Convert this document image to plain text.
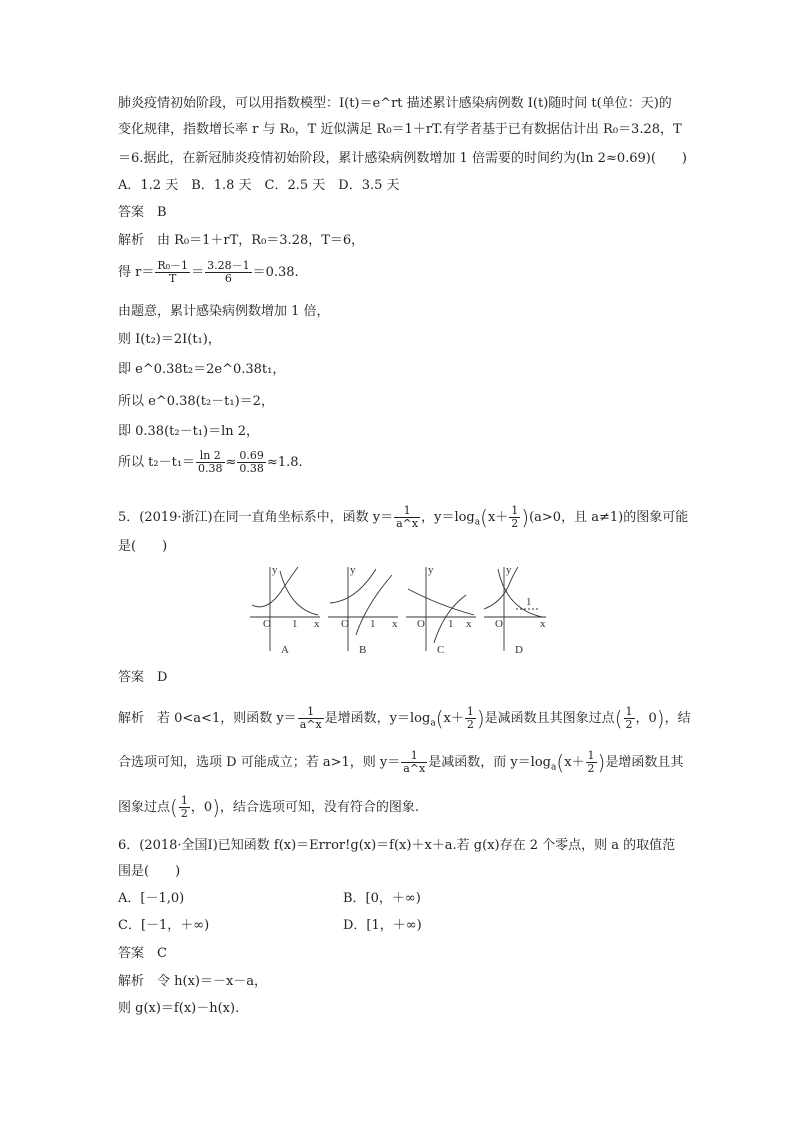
肺炎疫情初始阶段，可以用指数模型：I(t)＝e^rt 描述累计感染病例数 I(t)随时间 t(单位：天)的
变化规律，指数增长率 r 与 R₀，T 近似满足 R₀＝1＋rT.有学者基于已有数据估计出 R₀＝3.28，T
＝6.据此，在新冠肺炎疫情初始阶段，累计感染病例数增加 1 倍需要的时间约为(ln 2≈0.69)(　　)
A．1.2 天　B．1.8 天　C．2.5 天　D．3.5 天
答案　B
解析　由 R₀＝1＋rT，R₀＝3.28，T＝6，
得 $r= \frac{\text{R₀－1}}{T} = \frac{3.28-1}{6} =0.38$.
由题意，累计感染病例数增加 1 倍，
则 I(t₂)＝2I(t₁)，
即 e^0.38t₂＝2e^0.38t₁，
所以 e^0.38(t₂－t₁)＝2，
即 0.38(t₂－t₁)＝ln 2，
所以 $t_2-t_1= \frac{\ln 2}{0.38} \approx \frac{0.69}{0.38} \approx 1.8$.
5．(2019·浙江)在同一直角坐标系中，函数 $y= \frac{1}{a\^{}x}$ ，$y=\log_a(x+ \frac{1}{2} )(a>0$，且 a≠1)的图象可能
是(　　)
y
x
O 1
A
y
x
O 1
B
y
x
O 1
C
y
x
O
1
D
答案　D
解析　若 0<a<1，则函数 $y= \frac{1}{a\^{}x}$ 是增函数，$y=\log_a(x+ \frac{1}{2}$ )是减函数且其图象过点( $\frac{1}{2}$ ，0)，结
合选项可知，选项 D 可能成立；若 a>1，则 $y= \frac{1}{a\^{}x}$ 是减函数，而 $y=\log_a(x+ \frac{1}{2}$ )是增函数且其
图象过点( $\frac{1}{2}$ ，0)，结合选项可知，没有符合的图象.
6．(2018·全国Ⅰ)已知函数 f(x)＝Error!g(x)＝f(x)＋x＋a.若 g(x)存在 2 个零点，则 a 的取值范
围是(　　)
A．[－1,0)	B．[0，＋∞)
C．[－1，＋∞)	D．[1，＋∞)
答案　C
解析　令 h(x)＝－x－a，
则 g(x)＝f(x)－h(x).
